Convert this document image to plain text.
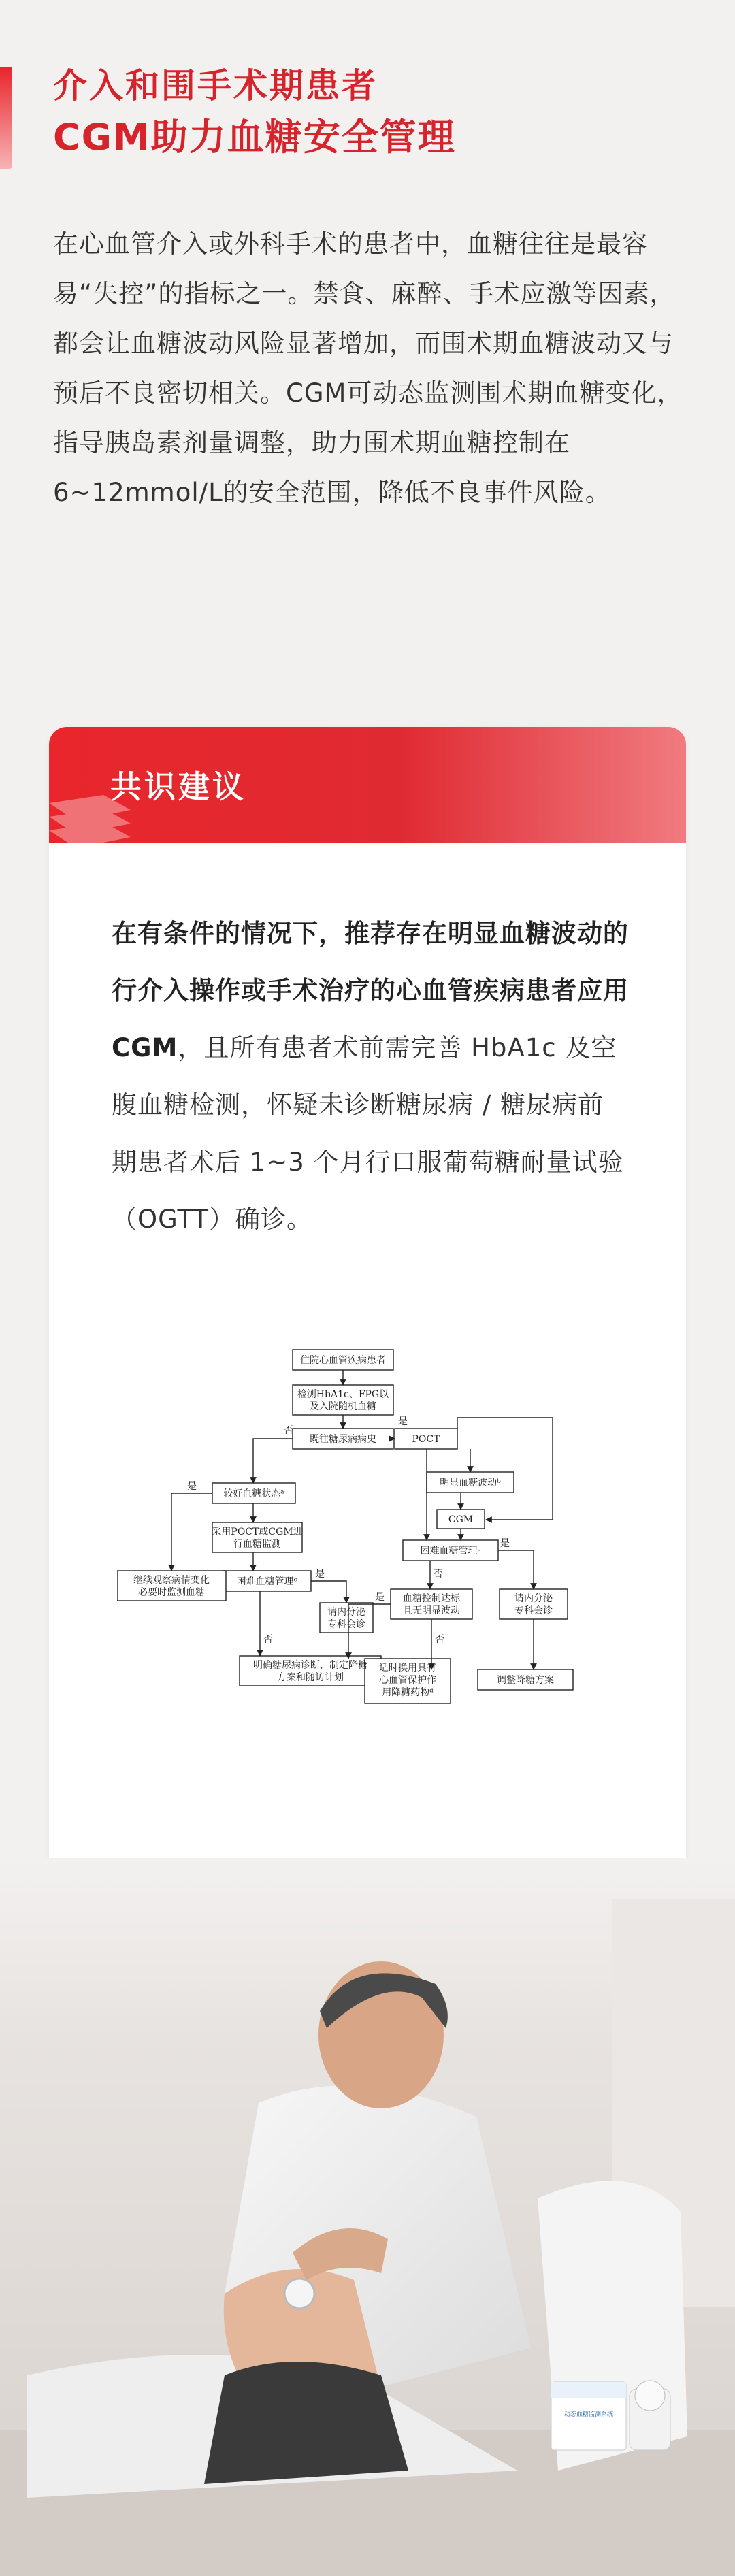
介入和围手术期患者
CGM助力血糖安全管理

在心血管介入或外科手术的患者中，血糖往往是最容易“失控”的指标之一。禁食、麻醉、手术应激等因素，都会让血糖波动风险显著增加，而围术期血糖波动又与预后不良密切相关。CGM可动态监测围术期血糖变化，指导胰岛素剂量调整，助力围术期血糖控制在6~12mmol/L的安全范围，降低不良事件风险。

共识建议

在有条件的情况下，推荐存在明显血糖波动的行介入操作或手术治疗的心血管疾病患者应用CGM，且所有患者术前需完善 HbA1c 及空腹血糖检测，怀疑未诊断糖尿病 / 糖尿病前期患者术后 1~3 个月行口服葡萄糖耐量试验（OGTT）确诊。

住院心血管疾病患者
检测HbA1c、FPG以
及入院随机血糖
既往糖尿病病史	POCT
明显血糖波动ᵇ
CGM
较好血糖状态ᵃ
采用POCT或CGM进
行血糖监测
困难血糖管理ᶜ
继续观察病情变化
必要时监测血糖
困难血糖管理ᶜ
请内分泌
专科会诊
血糖控制达标
且无明显波动
请内分泌
专科会诊
明确糖尿病诊断，制定降糖
方案和随访计划
适时换用具有
心血管保护作
用降糖药物ᵈ
调整降糖方案
否
是
是
是
否
是
否
是
否
动态血糖监测系统
